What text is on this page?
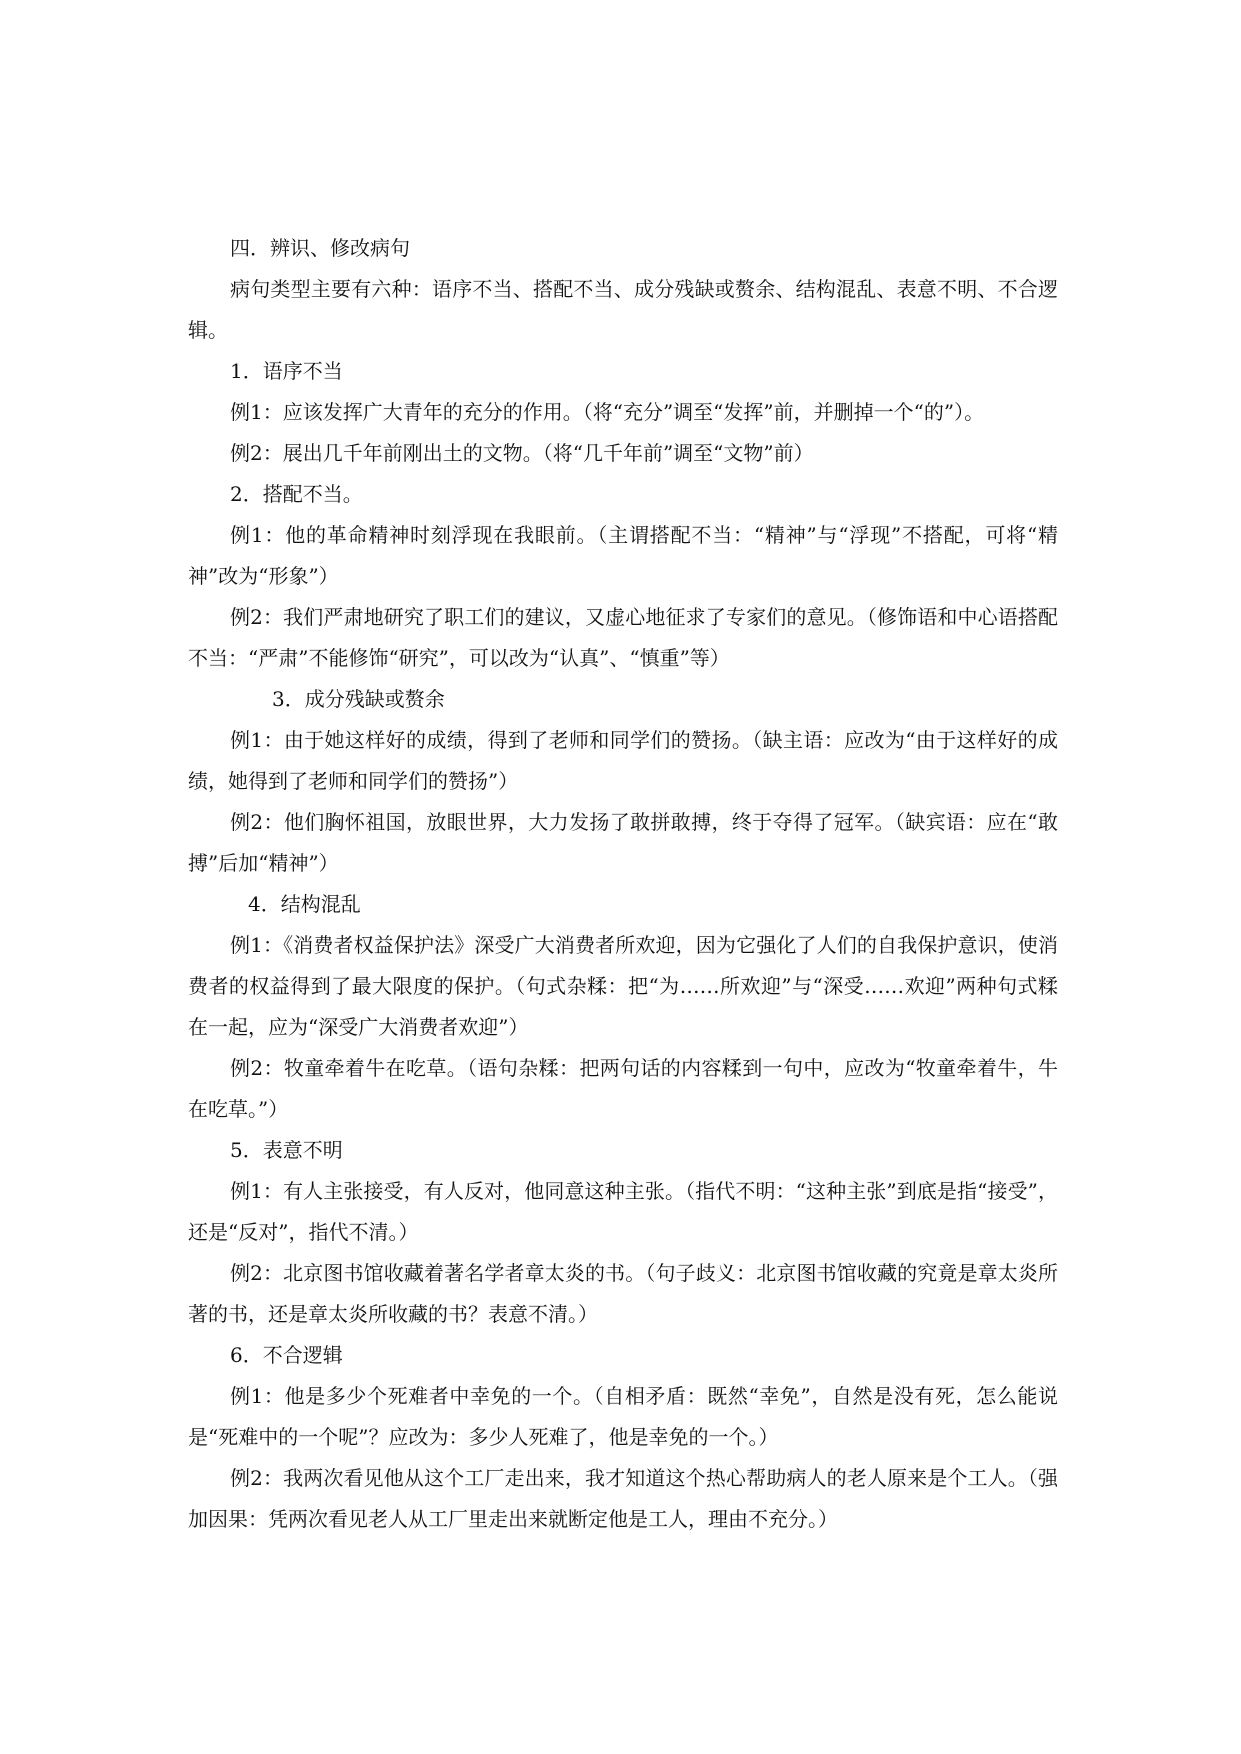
四．辨识、修改病句

病句类型主要有六种：语序不当、搭配不当、成分残缺或赘余、结构混乱、表意不明、不合逻辑。

1．语序不当

例1：应该发挥广大青年的充分的作用。（将“充分”调至“发挥”前，并删掉一个“的”）。

例2：展出几千年前刚出土的文物。（将“几千年前”调至“文物”前）

2．搭配不当。

例1：他的革命精神时刻浮现在我眼前。（主谓搭配不当：“精神”与“浮现”不搭配，可将“精神”改为“形象”）

例2：我们严肃地研究了职工们的建议，又虚心地征求了专家们的意见。（修饰语和中心语搭配不当：“严肃”不能修饰“研究”，可以改为“认真”、“慎重”等）

3．成分残缺或赘余

例1：由于她这样好的成绩，得到了老师和同学们的赞扬。（缺主语：应改为“由于这样好的成绩，她得到了老师和同学们的赞扬”）

例2：他们胸怀祖国，放眼世界，大力发扬了敢拼敢搏，终于夺得了冠军。（缺宾语：应在“敢搏”后加“精神”）

4．结构混乱

例1：《消费者权益保护法》深受广大消费者所欢迎，因为它强化了人们的自我保护意识，使消费者的权益得到了最大限度的保护。（句式杂糅：把“为……所欢迎”与“深受……欢迎”两种句式糅在一起，应为“深受广大消费者欢迎”）

例2：牧童牵着牛在吃草。（语句杂糅：把两句话的内容糅到一句中，应改为“牧童牵着牛，牛在吃草。”）

5．表意不明

例1：有人主张接受，有人反对，他同意这种主张。（指代不明：“这种主张”到底是指“接受”，还是“反对”，指代不清。）

例2：北京图书馆收藏着著名学者章太炎的书。（句子歧义：北京图书馆收藏的究竟是章太炎所著的书，还是章太炎所收藏的书？表意不清。）

6．不合逻辑

例1：他是多少个死难者中幸免的一个。（自相矛盾：既然“幸免”，自然是没有死，怎么能说是“死难中的一个呢”？应改为：多少人死难了，他是幸免的一个。）

例2：我两次看见他从这个工厂走出来，我才知道这个热心帮助病人的老人原来是个工人。（强加因果：凭两次看见老人从工厂里走出来就断定他是工人，理由不充分。）
